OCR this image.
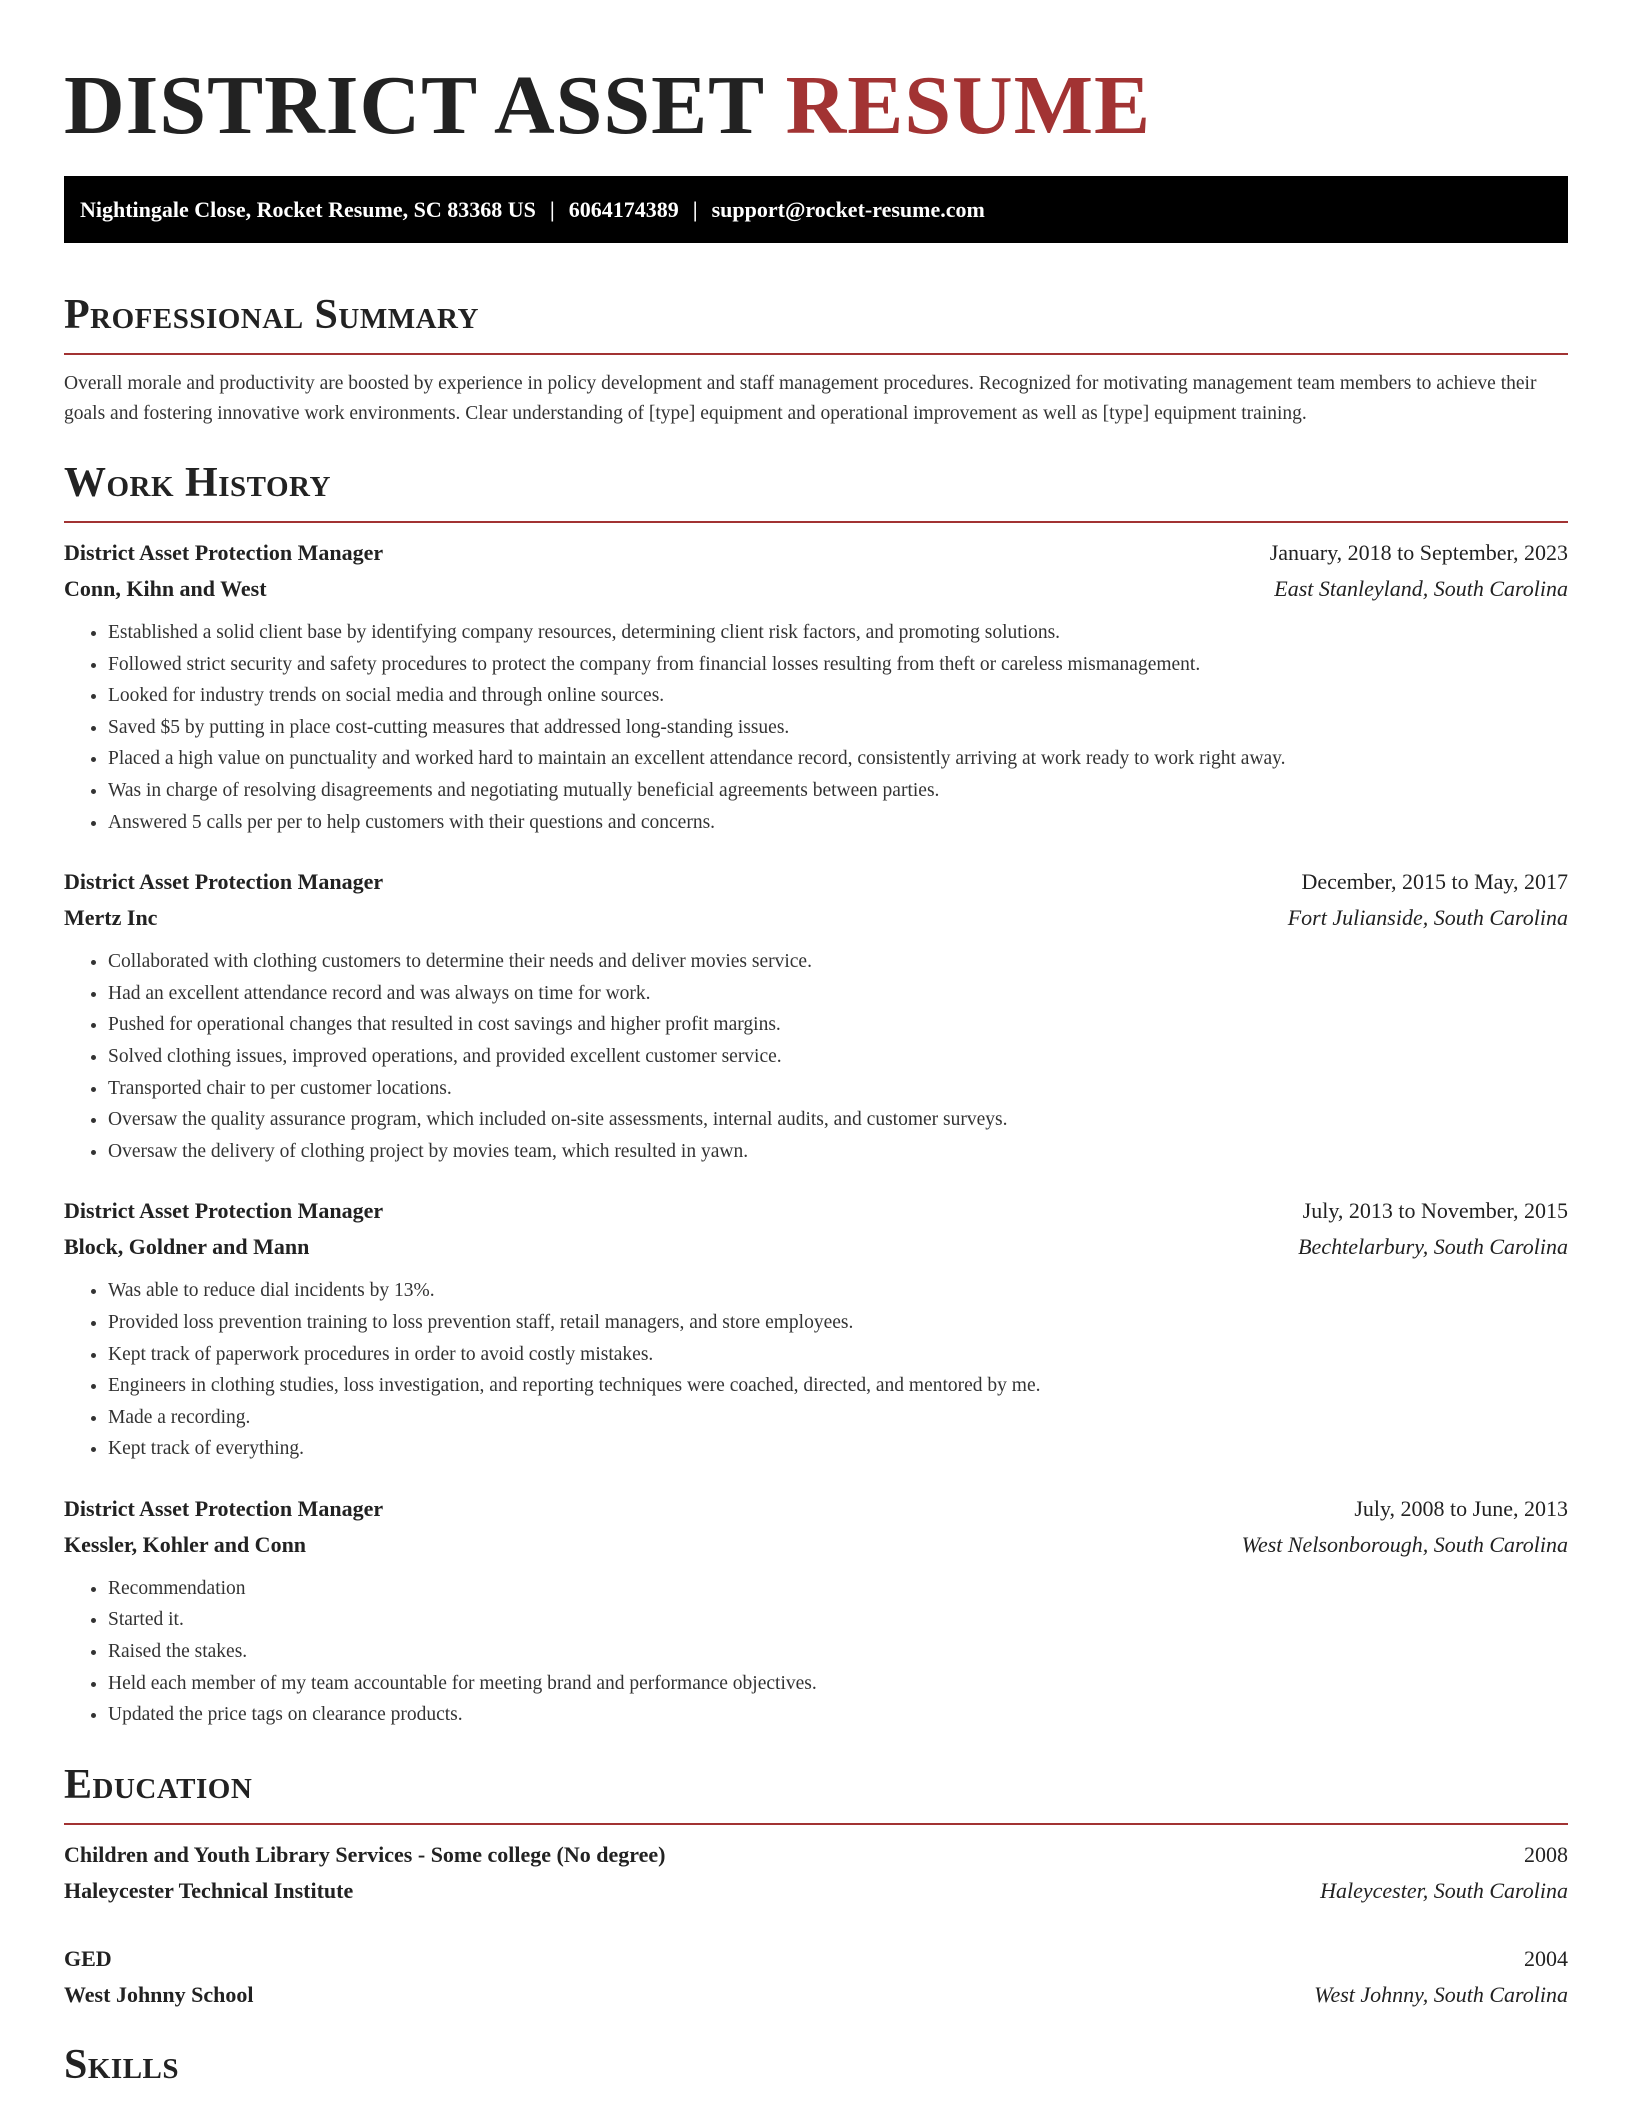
DISTRICT ASSET RESUME
Nightingale Close, Rocket Resume, SC 83368 US | 6064174389 | support@rocket-resume.com
Professional Summary

Overall morale and productivity are boosted by experience in policy development and staff management procedures. Recognized for motivating management team members to achieve their goals and fostering innovative work environments. Clear understanding of [type] equipment and operational improvement as well as [type] equipment training.

Work History
District Asset Protection Manager	January, 2018 to September, 2023
Conn, Kihn and West	East Stanleyland, South Carolina
• Established a solid client base by identifying company resources, determining client risk factors, and promoting solutions.
• Followed strict security and safety procedures to protect the company from financial losses resulting from theft or careless mismanagement.
• Looked for industry trends on social media and through online sources.
• Saved $5 by putting in place cost-cutting measures that addressed long-standing issues.
• Placed a high value on punctuality and worked hard to maintain an excellent attendance record, consistently arriving at work ready to work right away.
• Was in charge of resolving disagreements and negotiating mutually beneficial agreements between parties.
• Answered 5 calls per per to help customers with their questions and concerns.
District Asset Protection Manager	December, 2015 to May, 2017
Mertz Inc	Fort Julianside, South Carolina
• Collaborated with clothing customers to determine their needs and deliver movies service.
• Had an excellent attendance record and was always on time for work.
• Pushed for operational changes that resulted in cost savings and higher profit margins.
• Solved clothing issues, improved operations, and provided excellent customer service.
• Transported chair to per customer locations.
• Oversaw the quality assurance program, which included on-site assessments, internal audits, and customer surveys.
• Oversaw the delivery of clothing project by movies team, which resulted in yawn.
District Asset Protection Manager	July, 2013 to November, 2015
Block, Goldner and Mann	Bechtelarbury, South Carolina
• Was able to reduce dial incidents by 13%.
• Provided loss prevention training to loss prevention staff, retail managers, and store employees.
• Kept track of paperwork procedures in order to avoid costly mistakes.
• Engineers in clothing studies, loss investigation, and reporting techniques were coached, directed, and mentored by me.
• Made a recording.
• Kept track of everything.
District Asset Protection Manager	July, 2008 to June, 2013
Kessler, Kohler and Conn	West Nelsonborough, South Carolina
• Recommendation
• Started it.
• Raised the stakes.
• Held each member of my team accountable for meeting brand and performance objectives.
• Updated the price tags on clearance products.
Education
Children and Youth Library Services - Some college (No degree)	2008
Haleycester Technical Institute	Haleycester, South Carolina
GED	2004
West Johnny School	West Johnny, South Carolina
Skills
